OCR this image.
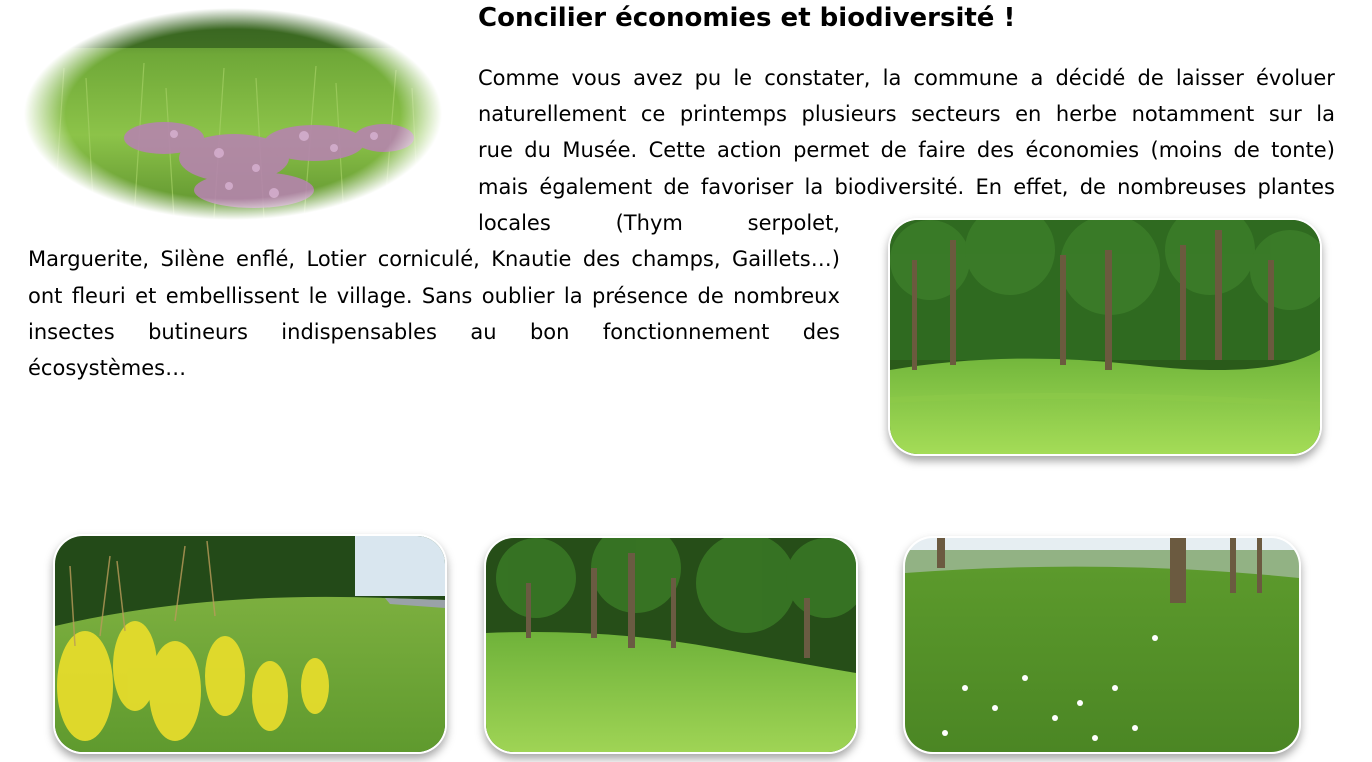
Concilier économies et biodiversité !
Comme vous avez pu le constater, la commune a décidé de laisser évoluer
naturellement ce printemps plusieurs secteurs en herbe notamment sur la
rue du Musée. Cette action permet de faire des économies (moins de tonte)
mais également de favoriser la biodiversité. En effet, de nombreuses plantes
locales	(Thym	serpolet,
Marguerite, Silène enflé, Lotier corniculé, Knautie des champs, Gaillets…)
ont fleuri et embellissent le village. Sans oublier la présence de nombreux
insectes butineurs indispensables au bon fonctionnement des
écosystèmes…
